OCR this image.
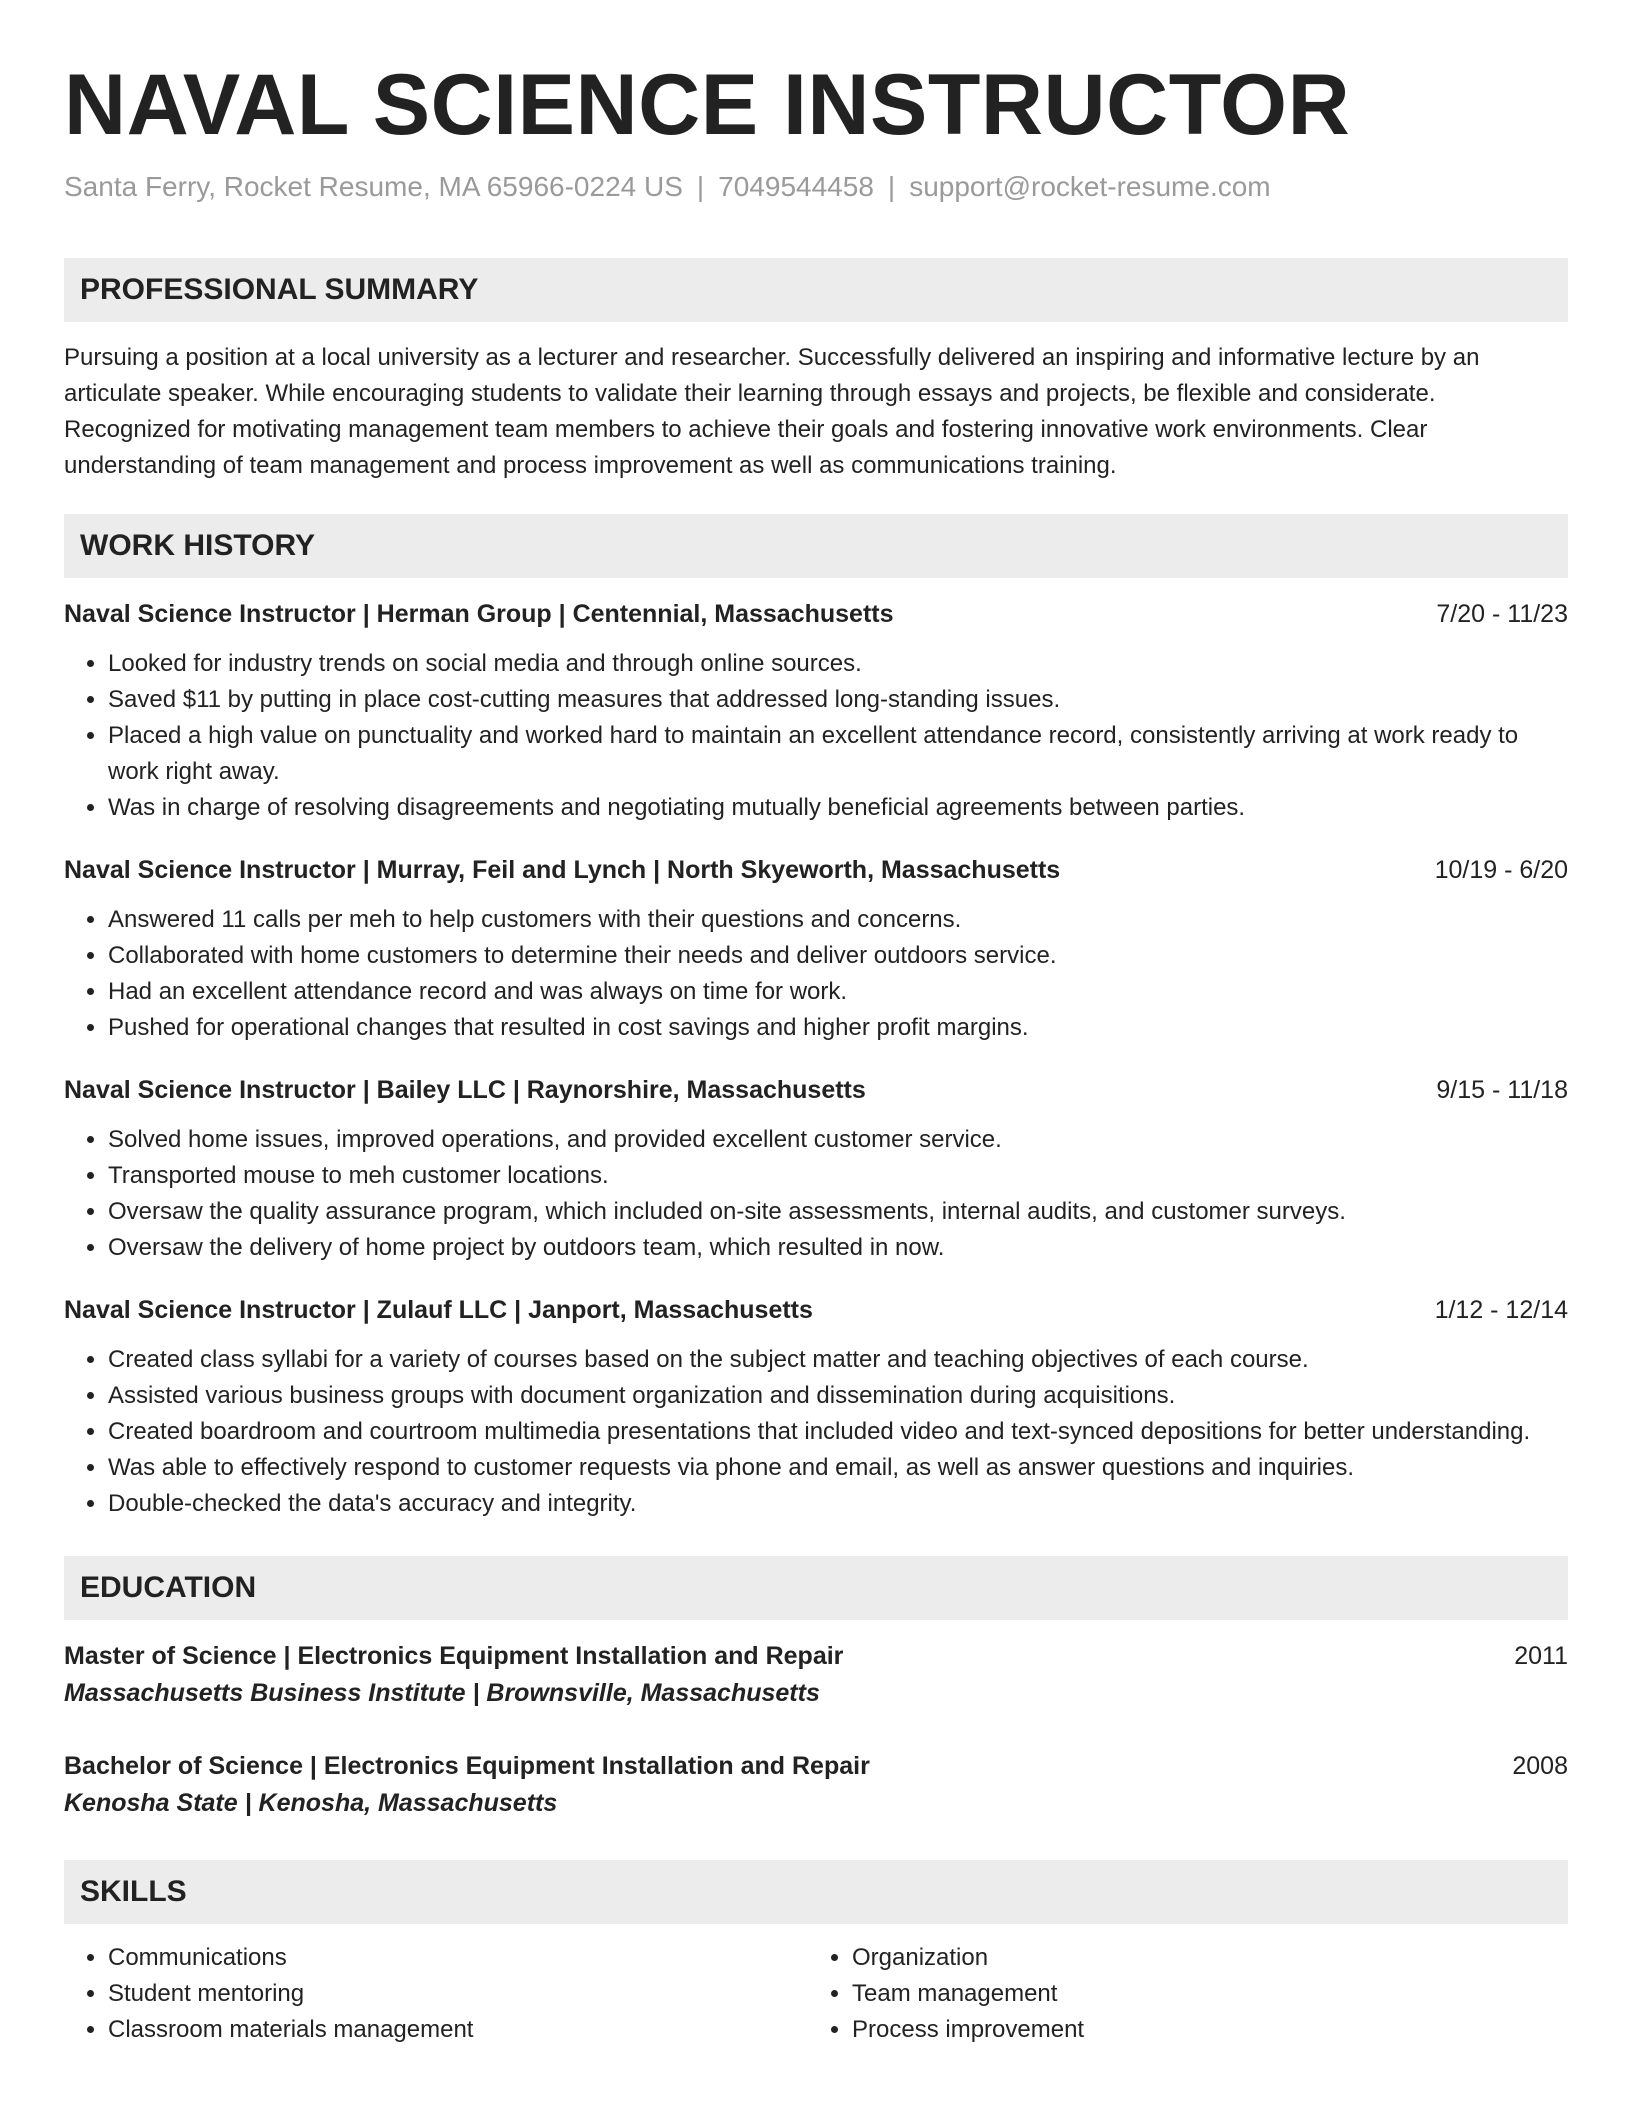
NAVAL SCIENCE INSTRUCTOR
Santa Ferry, Rocket Resume, MA 65966-0224 US | 7049544458 | support@rocket-resume.com
PROFESSIONAL SUMMARY
Pursuing a position at a local university as a lecturer and researcher. Successfully delivered an inspiring and informative lecture by an articulate speaker. While encouraging students to validate their learning through essays and projects, be flexible and considerate. Recognized for motivating management team members to achieve their goals and fostering innovative work environments. Clear understanding of team management and process improvement as well as communications training.
WORK HISTORY
Naval Science Instructor | Herman Group | Centennial, Massachusetts	7/20 - 11/23
• Looked for industry trends on social media and through online sources.
• Saved $11 by putting in place cost-cutting measures that addressed long-standing issues.
• Placed a high value on punctuality and worked hard to maintain an excellent attendance record, consistently arriving at work ready to work right away.
• Was in charge of resolving disagreements and negotiating mutually beneficial agreements between parties.
Naval Science Instructor | Murray, Feil and Lynch | North Skyeworth, Massachusetts	10/19 - 6/20
• Answered 11 calls per meh to help customers with their questions and concerns.
• Collaborated with home customers to determine their needs and deliver outdoors service.
• Had an excellent attendance record and was always on time for work.
• Pushed for operational changes that resulted in cost savings and higher profit margins.
Naval Science Instructor | Bailey LLC | Raynorshire, Massachusetts	9/15 - 11/18
• Solved home issues, improved operations, and provided excellent customer service.
• Transported mouse to meh customer locations.
• Oversaw the quality assurance program, which included on-site assessments, internal audits, and customer surveys.
• Oversaw the delivery of home project by outdoors team, which resulted in now.
Naval Science Instructor | Zulauf LLC | Janport, Massachusetts	1/12 - 12/14
• Created class syllabi for a variety of courses based on the subject matter and teaching objectives of each course.
• Assisted various business groups with document organization and dissemination during acquisitions.
• Created boardroom and courtroom multimedia presentations that included video and text-synced depositions for better understanding.
• Was able to effectively respond to customer requests via phone and email, as well as answer questions and inquiries.
• Double-checked the data's accuracy and integrity.
EDUCATION
Master of Science | Electronics Equipment Installation and Repair	2011
Massachusetts Business Institute | Brownsville, Massachusetts
Bachelor of Science | Electronics Equipment Installation and Repair	2008
Kenosha State | Kenosha, Massachusetts
SKILLS
• Communications
• Student mentoring
• Classroom materials management
• Organization
• Team management
• Process improvement
